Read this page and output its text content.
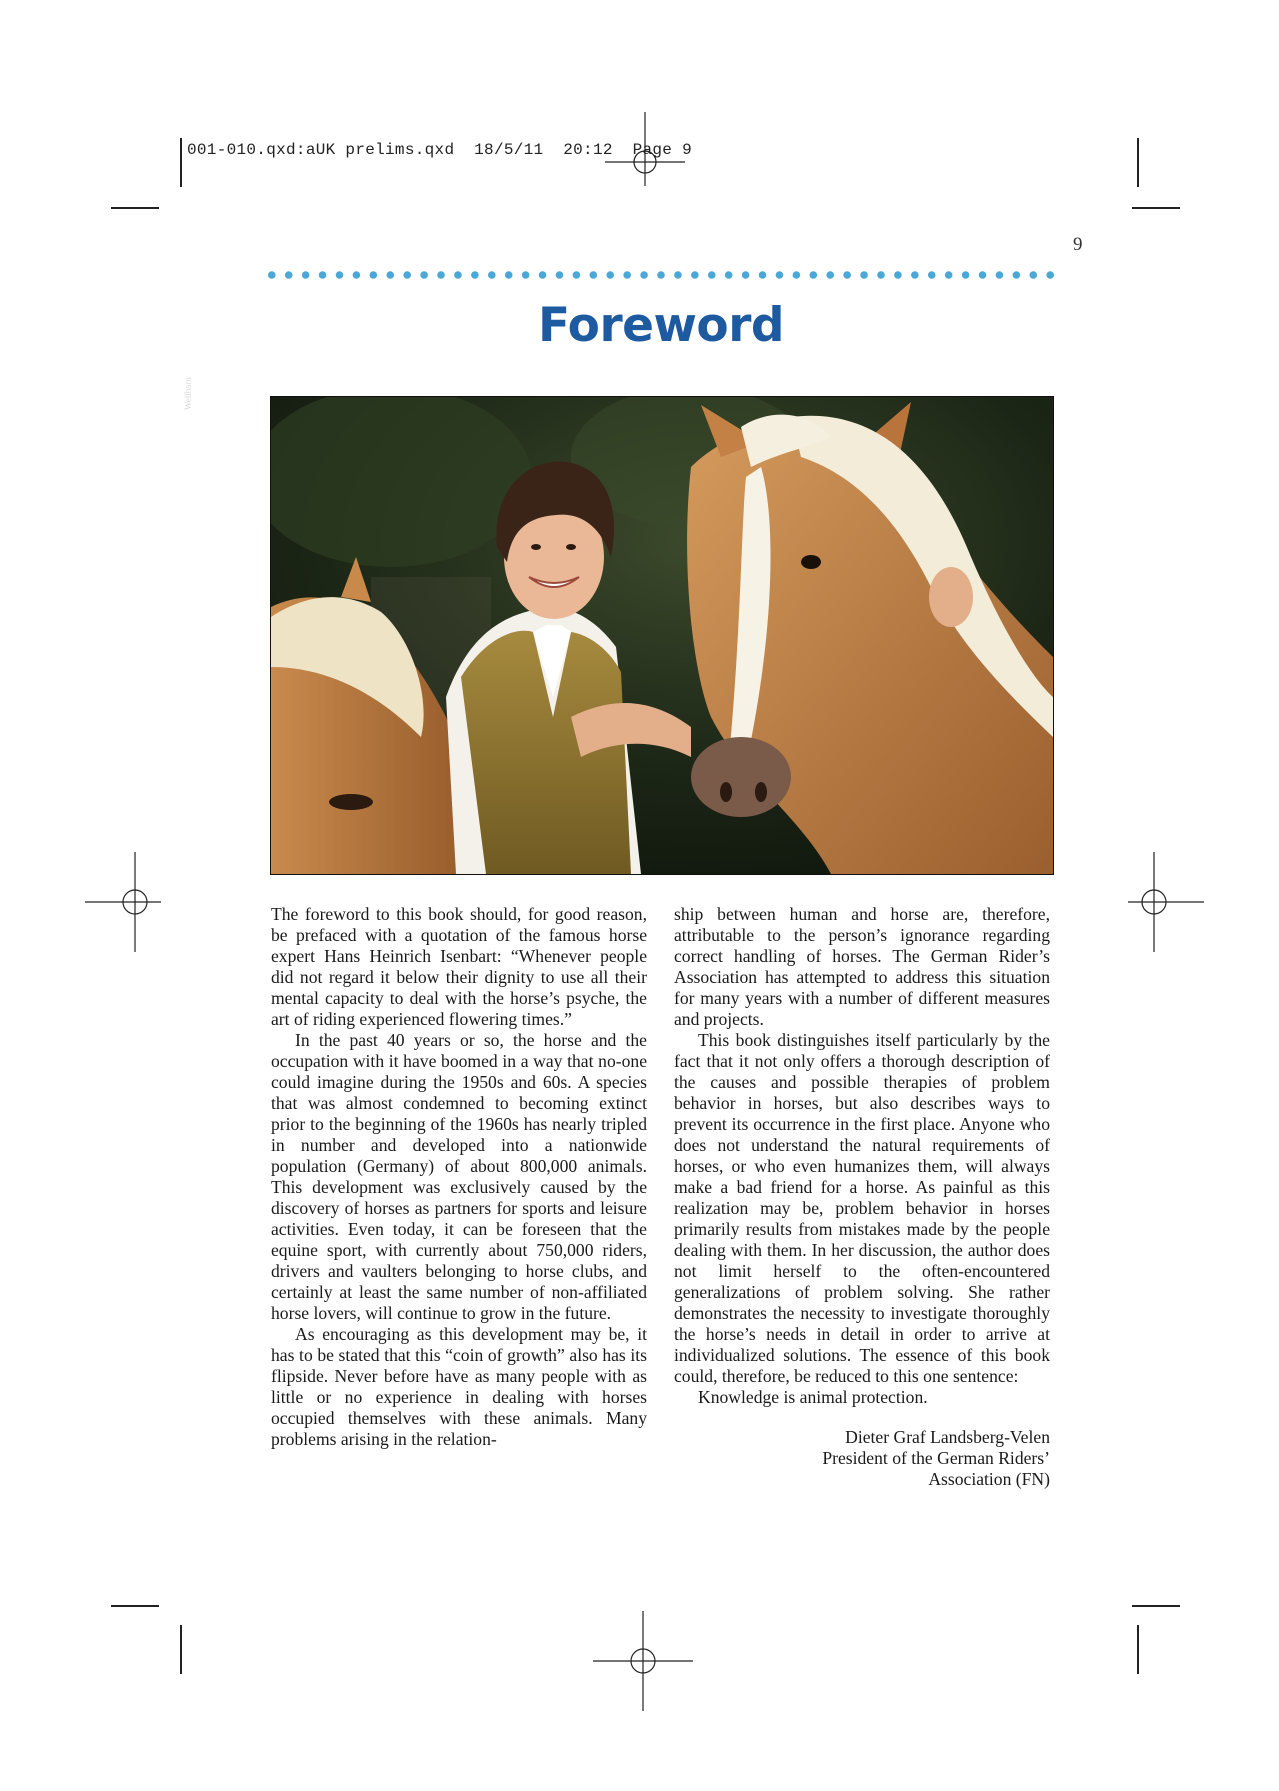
001-010.qxd:aUK prelims.qxd  18/5/11  20:12  Page 9
9
Foreword
Wellbarn

The foreword to this book should, for good reason, be prefaced with a quotation of the famous horse expert Hans Heinrich Isenbart: “Whenever people did not regard it below their dignity to use all their mental capacity to deal with the horse’s psyche, the art of riding experienced flowering times.”

In the past 40 years or so, the horse and the occupation with it have boomed in a way that no-one could imagine during the 1950s and 60s. A species that was almost condemned to becoming extinct prior to the beginning of the 1960s has nearly tripled in number and developed into a nationwide population (Germany) of about 800,000 animals. This development was exclusively caused by the discovery of horses as partners for sports and leisure activities. Even today, it can be foreseen that the equine sport, with currently about 750,000 riders, drivers and vaulters belonging to horse clubs, and certainly at least the same number of non-affiliated horse lovers, will continue to grow in the future.

As encouraging as this development may be, it has to be stated that this “coin of growth” also has its flipside. Never before have as many people with as little or no experience in dealing with horses occupied themselves with these animals. Many problems arising in the relation-

ship between human and horse are, therefore, attributable to the person’s ignorance regarding correct handling of horses. The German Rider’s Association has attempted to address this situation for many years with a number of different measures and projects.

This book distinguishes itself particularly by the fact that it not only offers a thorough description of the causes and possible therapies of problem behavior in horses, but also describes ways to prevent its occurrence in the first place. Anyone who does not understand the natural requirements of horses, or who even humanizes them, will always make a bad friend for a horse. As painful as this realization may be, problem behavior in horses primarily results from mistakes made by the people dealing with them. In her discussion, the author does not limit herself to the often-encountered generalizations of problem solving. She rather demonstrates the necessity to investigate thoroughly the horse’s needs in detail in order to arrive at individualized solutions. The essence of this book could, therefore, be reduced to this one sentence:

Knowledge is animal protection.

Dieter Graf Landsberg-Velen
President of the German Riders’
Association (FN)
